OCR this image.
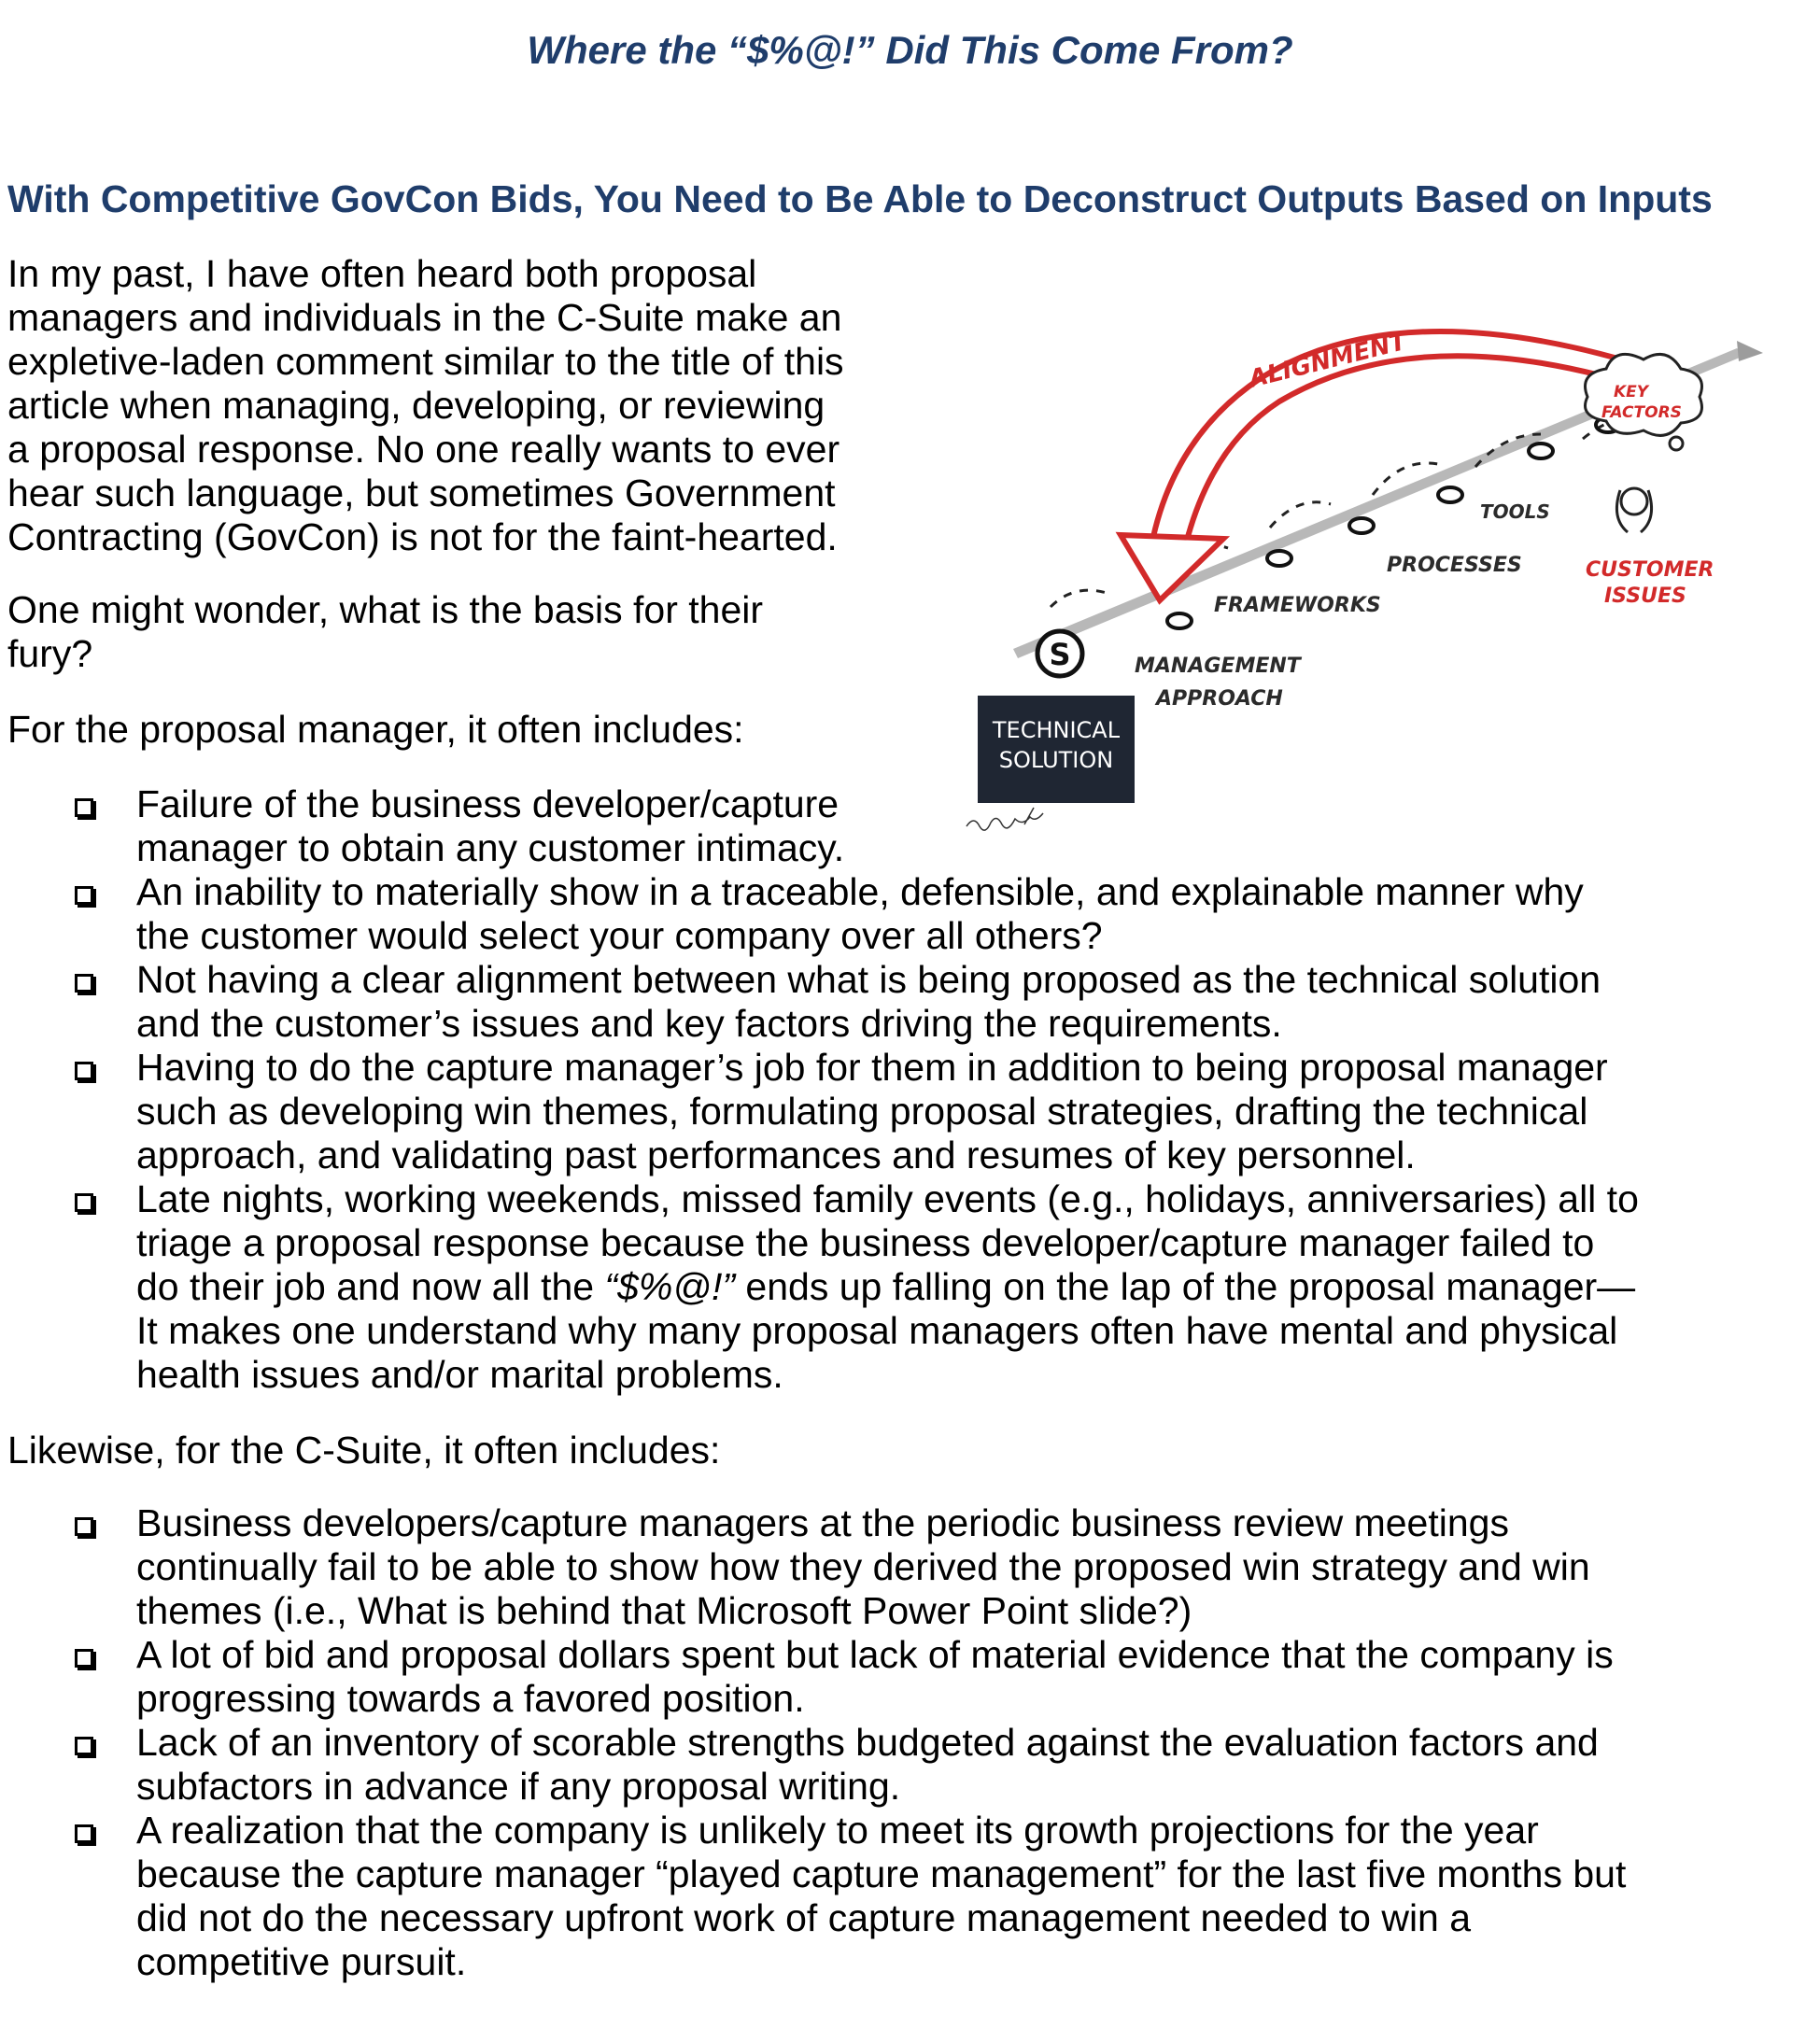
Where the “$%@!” Did This Come From?
With Competitive GovCon Bids, You Need to Be Able to Deconstruct Outputs Based on Inputs
In my past, I have often heard both proposal
managers and individuals in the C-Suite make an
expletive-laden comment similar to the title of this
article when managing, developing, or reviewing
a proposal response. No one really wants to ever
hear such language, but sometimes Government
Contracting (GovCon) is not for the faint-hearted.
One might wonder, what is the basis for their
fury?
For the proposal manager, it often includes:
Failure of the business developer/capture
manager to obtain any customer intimacy.
An inability to materially show in a traceable, defensible, and explainable manner why
the customer would select your company over all others?
Not having a clear alignment between what is being proposed as the technical solution
and the customer’s issues and key factors driving the requirements.
Having to do the capture manager’s job for them in addition to being proposal manager
such as developing win themes, formulating proposal strategies, drafting the technical
approach, and validating past performances and resumes of key personnel.
Late nights, working weekends, missed family events (e.g., holidays, anniversaries) all to
triage a proposal response because the business developer/capture manager failed to
do their job and now all the “$%@!” ends up falling on the lap of the proposal manager—
It makes one understand why many proposal managers often have mental and physical
health issues and/or marital problems.
Likewise, for the C-Suite, it often includes:
Business developers/capture managers at the periodic business review meetings
continually fail to be able to show how they derived the proposed win strategy and win
themes (i.e., What is behind that Microsoft Power Point slide?)
A lot of bid and proposal dollars spent but lack of material evidence that the company is
progressing towards a favored position.
Lack of an inventory of scorable strengths budgeted against the evaluation factors and
subfactors in advance if any proposal writing.
A realization that the company is unlikely to meet its growth projections for the year
because the capture manager “played capture management” for the last five months but
did not do the necessary upfront work of capture management needed to win a
competitive pursuit.
ALIGNMENT	KEY
FACTORS
CUSTOMER
ISSUES
TOOLS
PROCESSES
FRAMEWORKS
MANAGEMENT
APPROACH
S
TECHNICAL
SOLUTION
